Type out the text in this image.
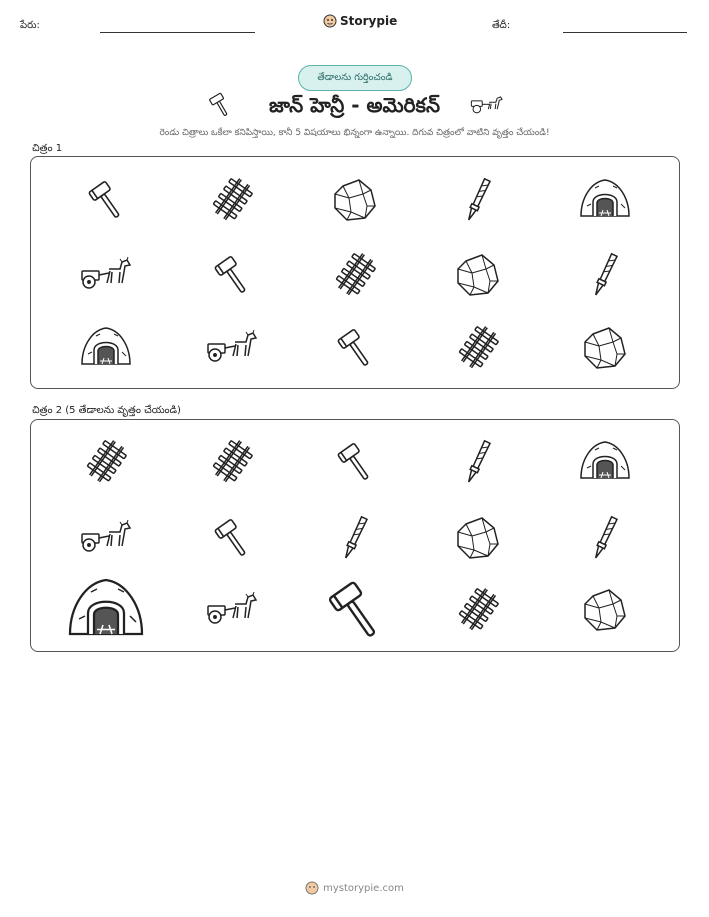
పేరు:	Storypie	తేదీ:
తేడాలను గుర్తించండి
జాన్ హెన్రీ - అమెరికన్
రెండు చిత్రాలు ఒకేలా కనిపిస్తాయి, కానీ 5 విషయాలు భిన్నంగా ఉన్నాయి. దిగువ చిత్రంలో వాటిని వృత్తం చేయండి!
చిత్రం 1
చిత్రం 2 (5 తేడాలను వృత్తం చేయండి)
mystorypie.com
